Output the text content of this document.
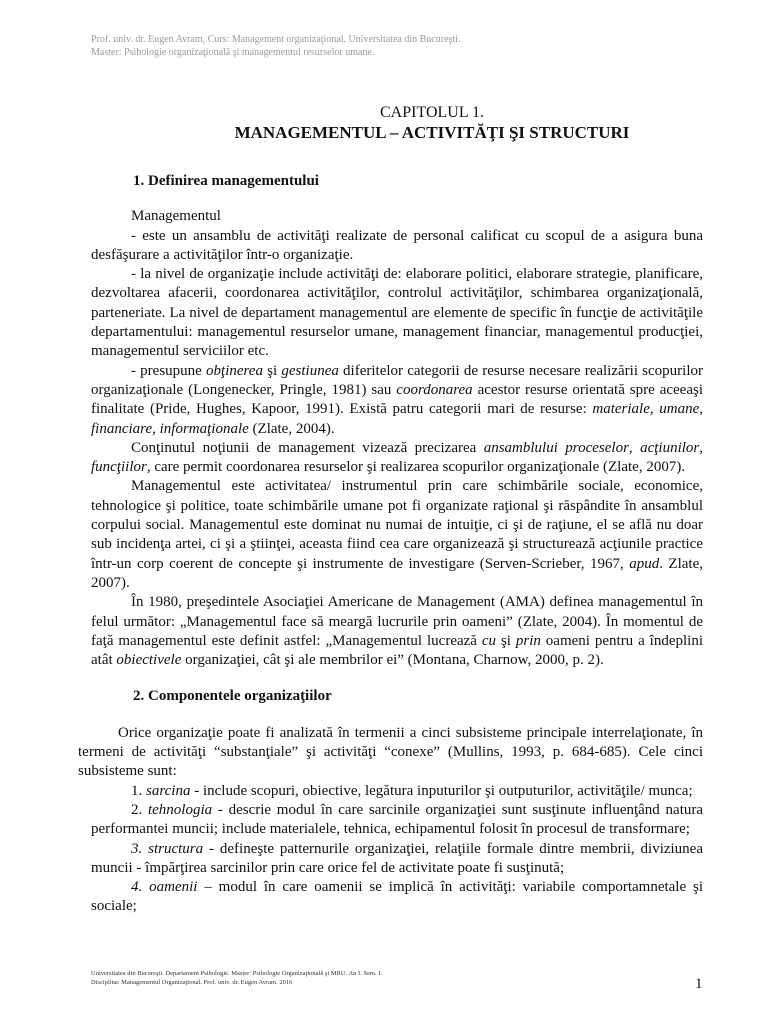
Prof. univ. dr. Eugen Avram, Curs: Management organizaţional. Universitatea din Bucureşti.
Master: Psihologie organizaţională şi managementul resurselor umane.
CAPITOLUL 1.
MANAGEMENTUL – ACTIVITĂŢI ŞI STRUCTURI

1. Definirea managementului

Managementul

- este un ansamblu de activităţi realizate de personal calificat cu scopul de a asigura buna desfăşurare a activităţilor într-o organizaţie.

- la nivel de organizaţie include activităţi de: elaborare politici, elaborare strategie, planificare, dezvoltarea afacerii, coordonarea activităţilor, controlul activităţilor, schimbarea organizaţională, parteneriate. La nivel de departament managementul are elemente de specific în funcţie de activităţile departamentului: managementul resurselor umane, management financiar, managementul producţiei, managementul serviciilor etc.

- presupune obţinerea şi gestiunea diferitelor categorii de resurse necesare realizării scopurilor organizaţionale (Longenecker, Pringle, 1981) sau coordonarea acestor resurse orientată spre aceeaşi finalitate (Pride, Hughes, Kapoor, 1991). Există patru categorii mari de resurse: materiale, umane, financiare, informaţionale (Zlate, 2004).

Conţinutul noţiunii de management vizează precizarea ansamblului proceselor, acţiunilor, funcţiilor, care permit coordonarea resurselor şi realizarea scopurilor organizaţionale (Zlate, 2007).

Managementul este activitatea/ instrumentul prin care schimbările sociale, economice, tehnologice şi politice, toate schimbările umane pot fi organizate raţional şi răspândite în ansamblul corpului social. Managementul este dominat nu numai de intuiţie, ci şi de raţiune, el se află nu doar sub incidenţa artei, ci şi a ştiinţei, aceasta fiind cea care organizează şi structurează acţiunile practice într-un corp coerent de concepte şi instrumente de investigare (Serven-Scrieber, 1967, apud. Zlate, 2007).

În 1980, preşedintele Asociaţiei Americane de Management (AMA) definea managementul în felul următor: „Managementul face să meargă lucrurile prin oameni” (Zlate, 2004). În momentul de faţă managementul este definit astfel: „Managementul lucrează cu şi prin oameni pentru a îndeplini atât obiectivele organizaţiei, cât şi ale membrilor ei” (Montana, Charnow, 2000, p. 2).

2. Componentele organizaţiilor

Orice organizaţie poate fi analizată în termenii a cinci subsisteme principale interrelaţionate, în termeni de activităţi “substanţiale” şi activităţi “conexe” (Mullins, 1993, p. 684-685). Cele cinci subsisteme sunt:

1. sarcina - include scopuri, obiective, legătura inputurilor şi outputurilor, activităţile/ munca;

2. tehnologia - descrie modul în care sarcinile organizaţiei sunt susţinute influenţând natura performantei muncii; include materialele, tehnica, echipamentul folosit în procesul de transformare;

3. structura - defineşte patternurile organizaţiei, relaţiile formale dintre membrii, diviziunea muncii - împărţirea sarcinilor prin care orice fel de activitate poate fi susţinută;

4. oamenii – modul în care oamenii se implică în activităţi: variabile comportamnetale şi sociale;

Universitatea din Bucureşti. Departament Psihologie. Master: Psihologie Organizaţională şi MRU. An I. Sem. I.
Disciplina: Managementul Organizaţional. Prof. univ. dr. Eugen Avram. 2016	1
